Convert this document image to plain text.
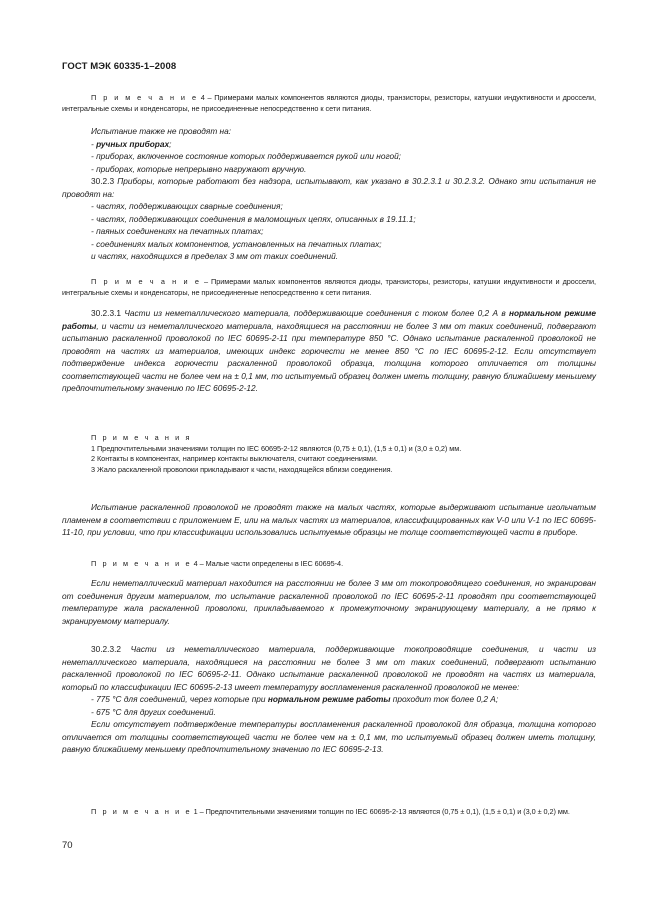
ГОСТ МЭК 60335-1–2008

П р и м е ч а н и е 4 – Примерами малых компонентов являются диоды, транзисторы, резисторы, катушки индуктивности и дроссели, интегральные схемы и конденсаторы, не присоединенные непосредственно к сети питания.

Испытание также не проводят на:
- ручных приборах;
- приборах, включенное состояние которых поддерживается рукой или ногой;
- приборах, которые непрерывно нагружают вручную.
30.2.3 Приборы, которые работают без надзора, испытывают, как указано в 30.2.3.1 и 30.2.3.2. Однако эти испытания не проводят на:
- частях, поддерживающих сварные соединения;
- частях, поддерживающих соединения в маломощных цепях, описанных в 19.11.1;
- паяных соединениях на печатных платах;
- соединениях малых компонентов, установленных на печатных платах;
и частях, находящихся в пределах 3 мм от таких соединений.

П р и м е ч а н и е – Примерами малых компонентов являются диоды, транзисторы, резисторы, катушки индуктивности и дроссели, интегральные схемы и конденсаторы, не присоединенные непосредственно к сети питания.

30.2.3.1 Части из неметаллического материала, поддерживающие соединения с током более 0,2 А в нормальном режиме работы, и части из неметаллического материала, находящиеся на расстоянии не более 3 мм от таких соединений, подвергают испытанию раскаленной проволокой по IEC 60695-2-11 при температуре 850 °C. Однако испытание раскаленной проволокой не проводят на частях из материалов, имеющих индекс горючести не менее 850 °C по IEC 60695-2-12. Если отсутствует подтверждение индекса горючести раскаленной проволокой образца, толщина которого отличается от толщины соответствующей части не более чем на ± 0,1 мм, то испытуемый образец должен иметь толщину, равную ближайшему меньшему предпочтительному значению по IEC 60695-2-12.

П р и м е ч а н и я
1 Предпочтительными значениями толщин по IEC 60695-2-12 являются (0,75 ± 0,1), (1,5 ± 0,1) и (3,0 ± 0,2) мм.
2 Контакты в компонентах, например контакты выключателя, считают соединениями.
3 Жало раскаленной проволоки прикладывают к части, находящейся вблизи соединения.

Испытание раскаленной проволокой не проводят также на малых частях, которые выдерживают испытание игольчатым пламенем в соответствии с приложением Е, или на малых частях из материалов, классифицированных как V-0 или V-1 по IEC 60695-11-10, при условии, что при классификации использовались испытуемые образцы не толще соответствующей части в приборе.

П р и м е ч а н и е 4 – Малые части определены в IEC 60695-4.

Если неметаллический материал находится на расстоянии не более 3 мм от токопроводящего соединения, но экранирован от соединения другим материалом, то испытание раскаленной проволокой по IEC 60695-2-11 проводят при соответствующей температуре жала раскаленной проволоки, прикладываемого к промежуточному экранирующему материалу, а не прямо к экранируемому материалу.

30.2.3.2 Части из неметаллического материала, поддерживающие токопроводящие соединения, и части из неметаллического материала, находящиеся на расстоянии не более 3 мм от таких соединений, подвергают испытанию раскаленной проволокой по IEC 60695-2-11. Однако испытание раскаленной проволокой не проводят на частях из материала, который по классификации IEC 60695-2-13 имеет температуру воспламенения раскаленной проволокой не менее:
- 775 °C для соединений, через которые при нормальном режиме работы проходит ток более 0,2 А;
- 675 °C для других соединений.
Если отсутствует подтверждение температуры воспламенения раскаленной проволокой для образца, толщина которого отличается от толщины соответствующей части не более чем на ± 0,1 мм, то испытуемый образец должен иметь толщину, равную ближайшему меньшему предпочтительному значению по IEC 60695-2-13.

П р и м е ч а н и е 1 – Предпочтительными значениями толщин по IEC 60695-2-13 являются (0,75 ± 0,1), (1,5 ± 0,1) и (3,0 ± 0,2) мм.

70
